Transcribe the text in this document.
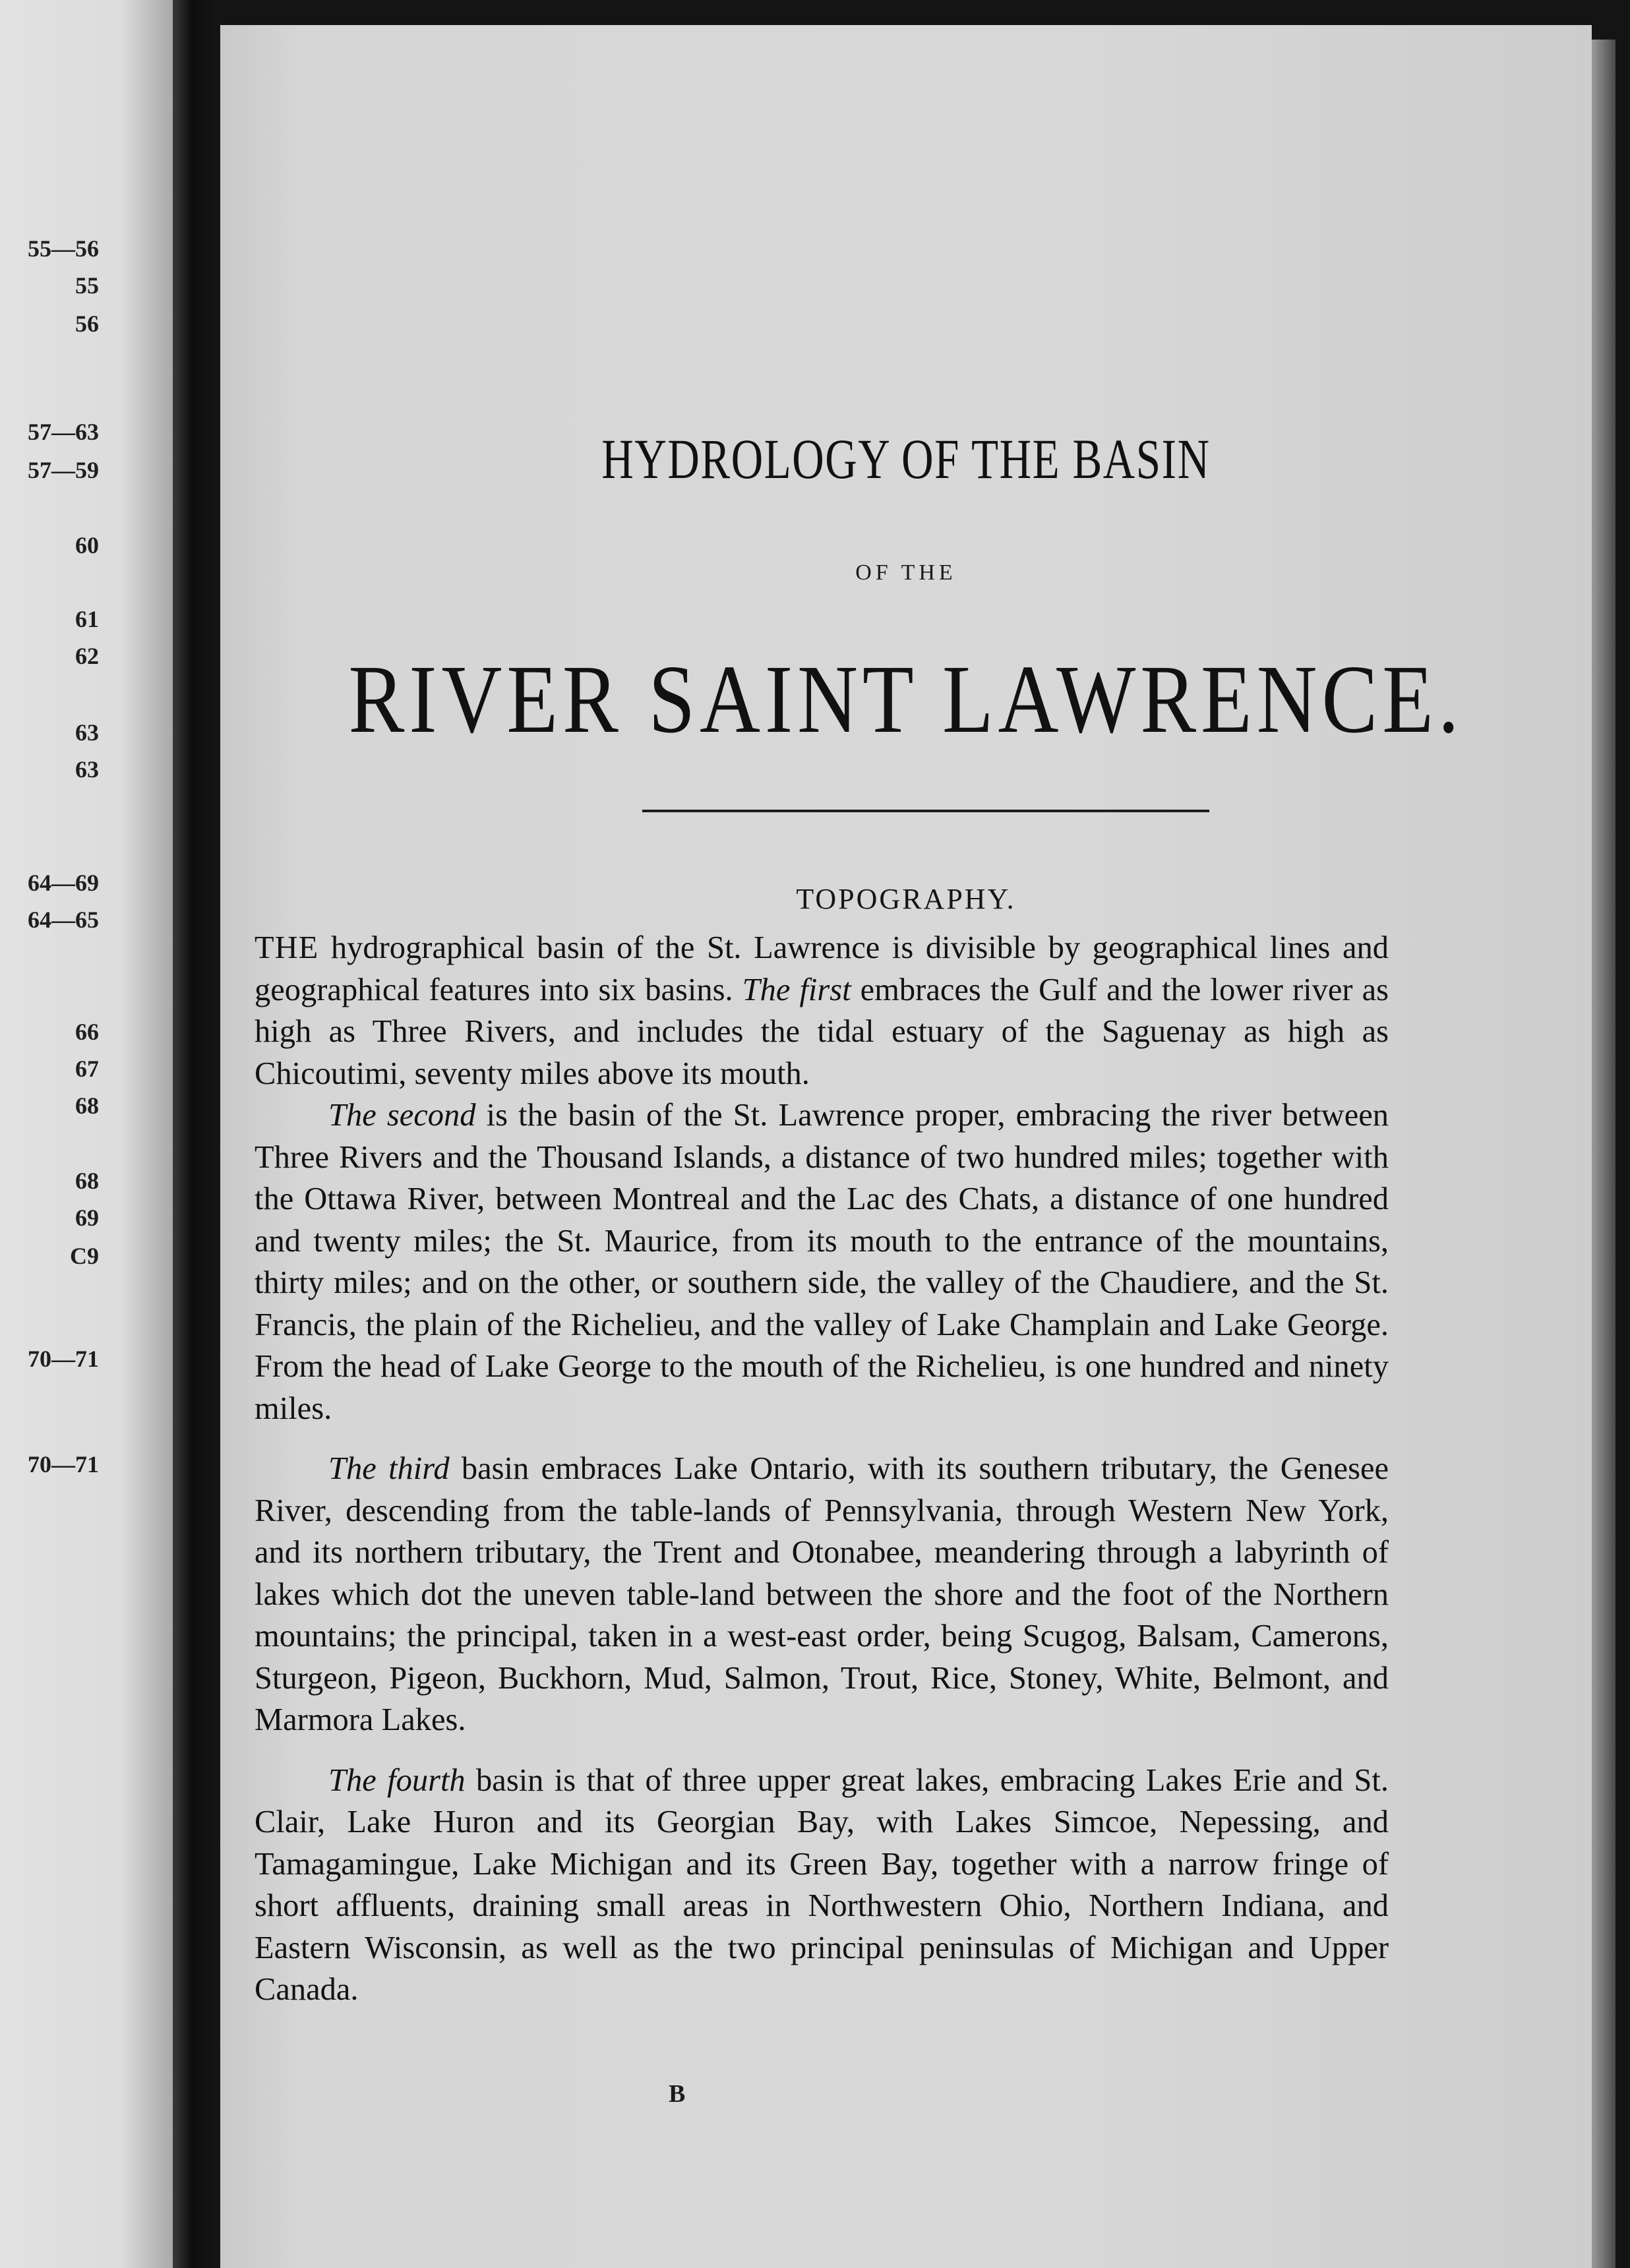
55—56
55
56
57—63
57—59
60
61
62
63
63
64—69
64—65
66
67
68
68
69
C9
70—71
70—71
HYDROLOGY OF THE BASIN
OF THE
RIVER SAINT LAWRENCE.
TOPOGRAPHY.

THE hydrographical basin of the St. Lawrence is divisible by geographical lines and geographical features into six basins. The first embraces the Gulf and the lower river as high as Three Rivers, and includes the tidal estuary of the Saguenay as high as Chicoutimi, seventy miles above its mouth.

The second is the basin of the St. Lawrence proper, embracing the river between Three Rivers and the Thousand Islands, a distance of two hundred miles; together with the Ottawa River, between Montreal and the Lac des Chats, a distance of one hundred and twenty miles; the St. Maurice, from its mouth to the entrance of the mountains, thirty miles; and on the other, or southern side, the valley of the Chaudiere, and the St. Francis, the plain of the Richelieu, and the valley of Lake Champlain and Lake George. From the head of Lake George to the mouth of the Richelieu, is one hundred and ninety miles.

The third basin embraces Lake Ontario, with its southern tributary, the Genesee River, descending from the table-lands of Pennsylvania, through Western New York, and its northern tributary, the Trent and Otonabee, meandering through a labyrinth of lakes which dot the uneven table-land between the shore and the foot of the Northern mountains; the principal, taken in a west-east order, being Scugog, Balsam, Camerons, Sturgeon, Pigeon, Buckhorn, Mud, Salmon, Trout, Rice, Stoney, White, Belmont, and Marmora Lakes.

The fourth basin is that of three upper great lakes, embracing Lakes Erie and St. Clair, Lake Huron and its Georgian Bay, with Lakes Simcoe, Nepessing, and Tamagamingue, Lake Michigan and its Green Bay, together with a narrow fringe of short affluents, draining small areas in Northwestern Ohio, Northern Indiana, and Eastern Wisconsin, as well as the two principal peninsulas of Michigan and Upper Canada.

B
